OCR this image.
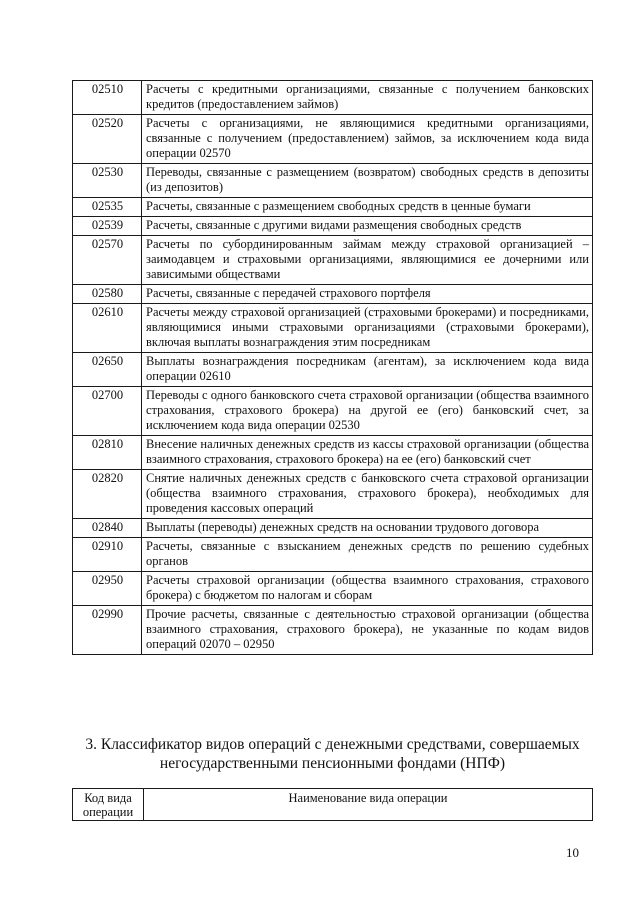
02510	Расчеты с кредитными организациями, связанные с получением банковских кредитов (предоставлением займов)
02520	Расчеты с организациями, не являющимися кредитными организациями, связанные с получением (предоставлением) займов, за исключением кода вида операции 02570
02530	Переводы, связанные с размещением (возвратом) свободных средств в депозиты (из депозитов)
02535	Расчеты, связанные с размещением свободных средств в ценные бумаги
02539	Расчеты, связанные с другими видами размещения свободных средств
02570	Расчеты по субординированным займам между страховой организацией – заимодавцем и страховыми организациями, являющимися ее дочерними или зависимыми обществами
02580	Расчеты, связанные с передачей страхового портфеля
02610	Расчеты между страховой организацией (страховыми брокерами) и посредниками, являющимися иными страховыми организациями (страховыми брокерами), включая выплаты вознаграждения этим посредникам
02650	Выплаты вознаграждения посредникам (агентам), за исключением кода вида операции 02610
02700	Переводы с одного банковского счета страховой организации (общества взаимного страхования, страхового брокера) на другой ее (его) банковский счет, за исключением кода вида операции 02530
02810	Внесение наличных денежных средств из кассы страховой организации (общества взаимного страхования, страхового брокера) на ее (его) банковский счет
02820	Снятие наличных денежных средств с банковского счета страховой организации (общества взаимного страхования, страхового брокера), необходимых для проведения кассовых операций
02840	Выплаты (переводы) денежных средств на основании трудового договора
02910	Расчеты, связанные с взысканием денежных средств по решению судебных органов
02950	Расчеты страховой организации (общества взаимного страхования, страхового брокера) с бюджетом по налогам и сборам
02990	Прочие расчеты, связанные с деятельностью страховой организации (общества взаимного страхования, страхового брокера), не указанные по кодам видов операций 02070 – 02950
3. Классификатор видов операций с денежными средствами, совершаемых
негосударственными пенсионными фондами (НПФ)
Код вида
операции
	Наименование вида операции
10
